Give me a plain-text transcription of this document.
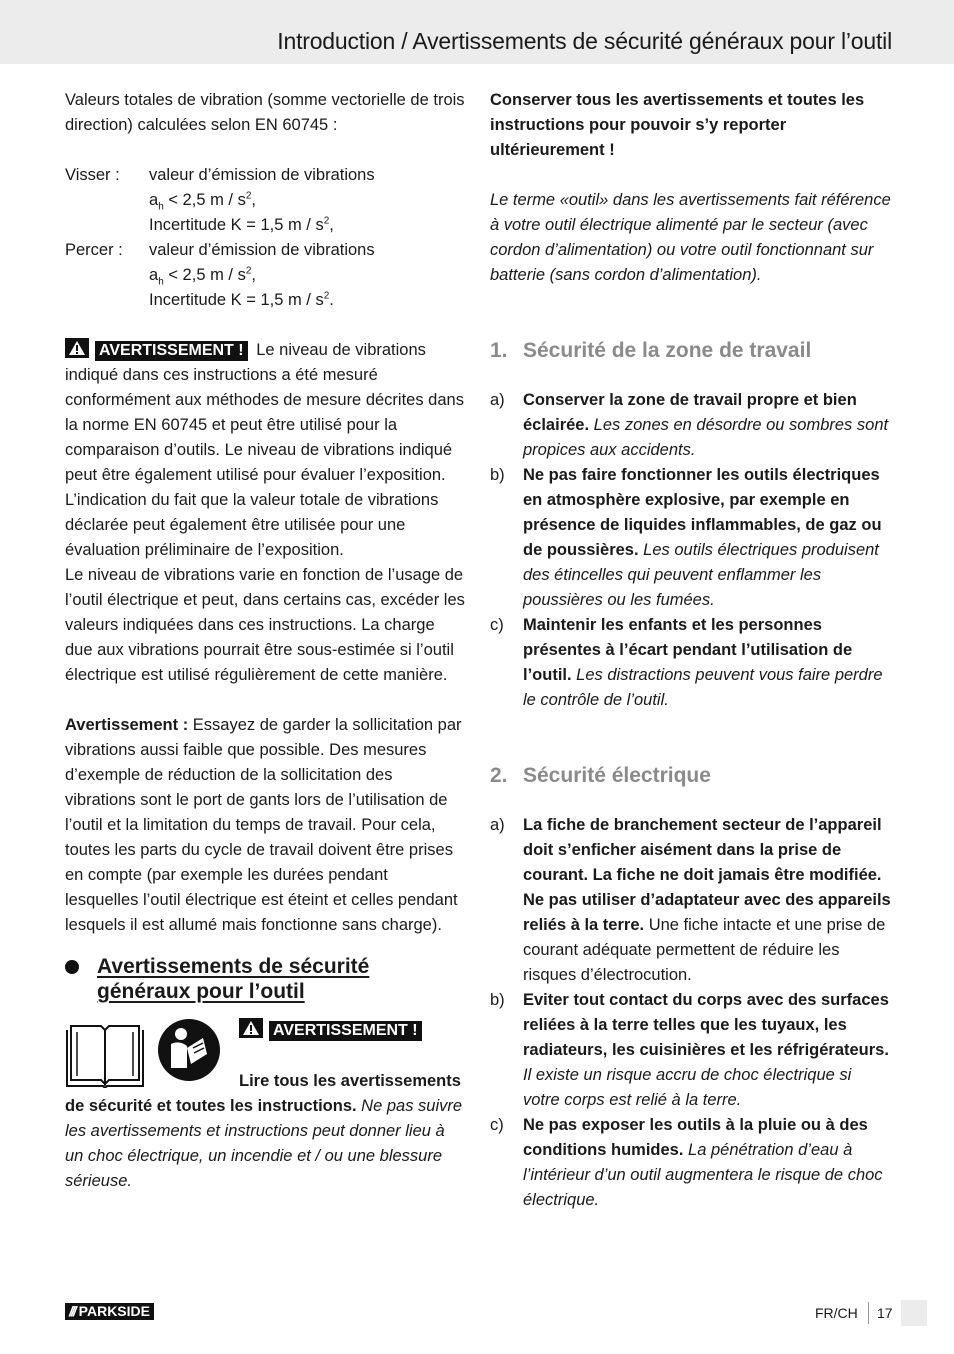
Introduction / Avertissements de sécurité généraux pour l’outil

Valeurs totales de vibration (somme vectorielle de trois direction) calculées selon EN 60745 :

Visser : valeur d’émission de vibrations
$a_h < 2,5$ m / $s^2$,
Incertitude K = 1,5 m / $s^2$,
Percer : valeur d’émission de vibrations
$a_h < 2,5$ m / $s^2$,
Incertitude K = 1,5 m / $s^2$.

AVERTISSEMENT ! Le niveau de vibrations indiqué dans ces instructions a été mesuré conformément aux méthodes de mesure décrites dans la norme EN 60745 et peut être utilisé pour la comparaison d’outils. Le niveau de vibrations indiqué peut être également utilisé pour évaluer l’exposition. L’indication du fait que la valeur totale de vibrations déclarée peut également être utilisée pour une évaluation préliminaire de l’exposition.

Le niveau de vibrations varie en fonction de l’usage de l’outil électrique et peut, dans certains cas, excéder les valeurs indiquées dans ces instructions. La charge due aux vibrations pourrait être sous-estimée si l’outil électrique est utilisé régulièrement de cette manière.

Avertissement : Essayez de garder la sollicitation par vibrations aussi faible que possible. Des mesures d’exemple de réduction de la sollicitation des vibrations sont le port de gants lors de l’utilisation de l’outil et la limitation du temps de travail. Pour cela, toutes les parts du cycle de travail doivent être prises en compte (par exemple les durées pendant lesquelles l’outil électrique est éteint et celles pendant lesquels il est allumé mais fonctionne sans charge).

Avertissements de sécurité généraux pour l’outil
AVERTISSEMENT !

Lire tous les avertissements de sécurité et toutes les instructions. Ne pas suivre les avertissements et instructions peut donner lieu à un choc électrique, un incendie et / ou une blessure sérieuse.

Conserver tous les avertissements et toutes les instructions pour pouvoir s’y reporter ultérieurement !

Le terme «outil» dans les avertissements fait référence à votre outil électrique alimenté par le secteur (avec cordon d’alimentation) ou votre outil fonctionnant sur batterie (sans cordon d’alimentation).

1. Sécurité de la zone de travail
a) Conserver la zone de travail propre et bien éclairée. Les zones en désordre ou sombres sont propices aux accidents.
b) Ne pas faire fonctionner les outils électriques en atmosphère explosive, par exemple en présence de liquides inflammables, de gaz ou de poussières. Les outils électriques produisent des étincelles qui peuvent enflammer les poussières ou les fumées.
c) Maintenir les enfants et les personnes présentes à l’écart pendant l’utilisation de l’outil. Les distractions peuvent vous faire perdre le contrôle de l’outil.
2. Sécurité électrique
a) La fiche de branchement secteur de l’appareil doit s’enficher aisément dans la prise de courant. La fiche ne doit jamais être modifiée. Ne pas utiliser d’adaptateur avec des appareils reliés à la terre. Une fiche intacte et une prise de courant adéquate permettent de réduire les risques d’électrocution.
b) Eviter tout contact du corps avec des surfaces reliées à la terre telles que les tuyaux, les radiateurs, les cuisinières et les réfrigérateurs. Il existe un risque accru de choc électrique si votre corps est relié à la terre.
c) Ne pas exposer les outils à la pluie ou à des conditions humides. La pénétration d’eau à l’intérieur d’un outil augmentera le risque de choc électrique.
/// PARKSIDE	FR/CH 17
